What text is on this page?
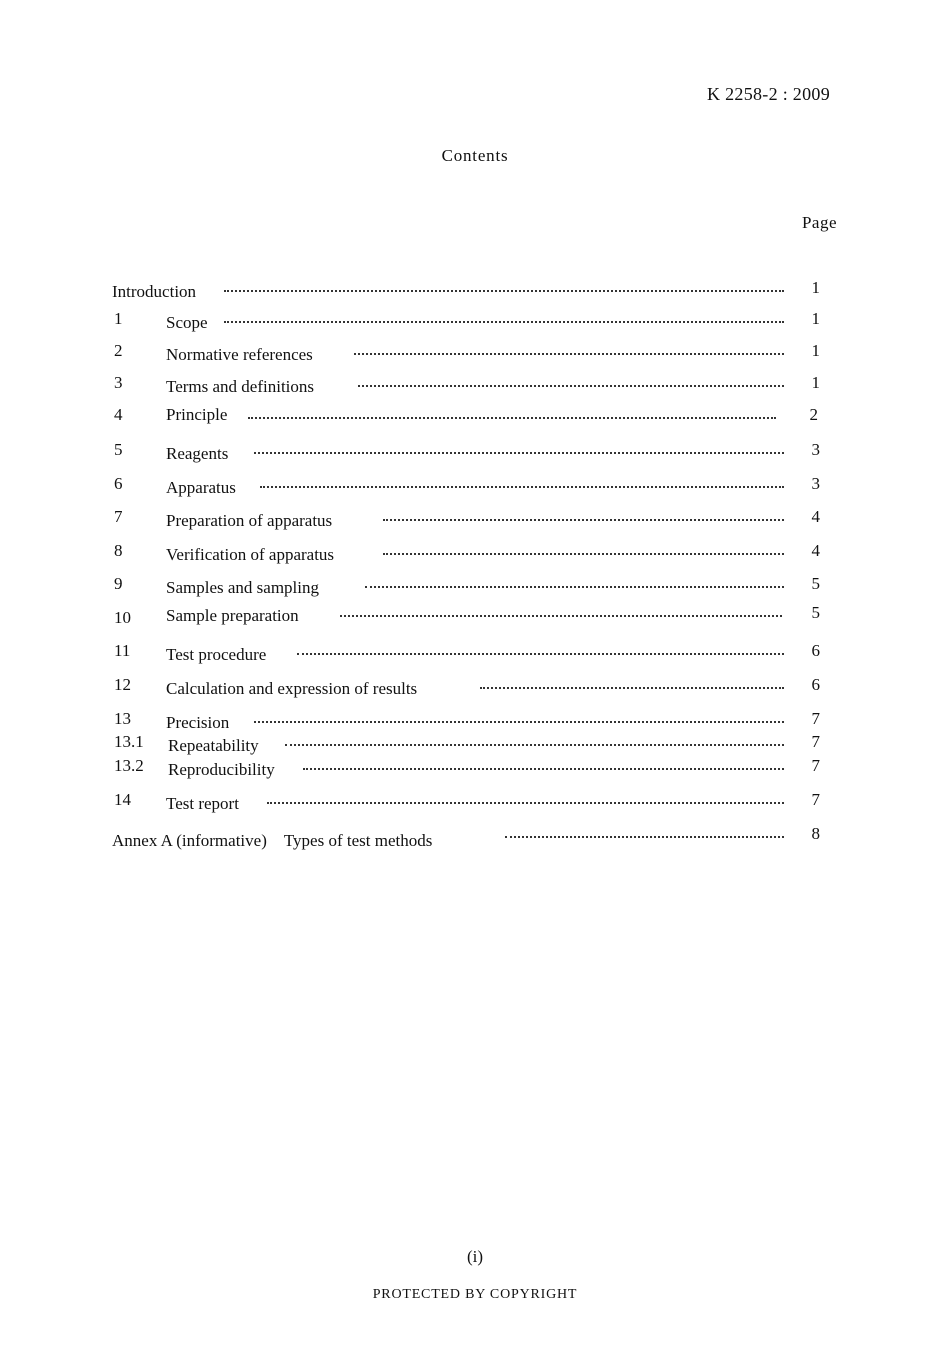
K 2258-2 : 2009
Contents
Page
Introduction	1
1	Scope	1
2	Normative references	1
3	Terms and definitions	1
4	Principle	2
5	Reagents	3
6	Apparatus	3
7	Preparation of apparatus	4
8	Verification of apparatus	4
9	Samples and sampling	5
10 Sample preparation	5
11 Test procedure	6
12 Calculation and expression of results	6
13 Precision	7
13.1 Repeatability	7
13.2 Reproducibility	7
14 Test report	7
Annex A (informative)　Types of test methods	8
(i)
PROTECTED BY COPYRIGHT
